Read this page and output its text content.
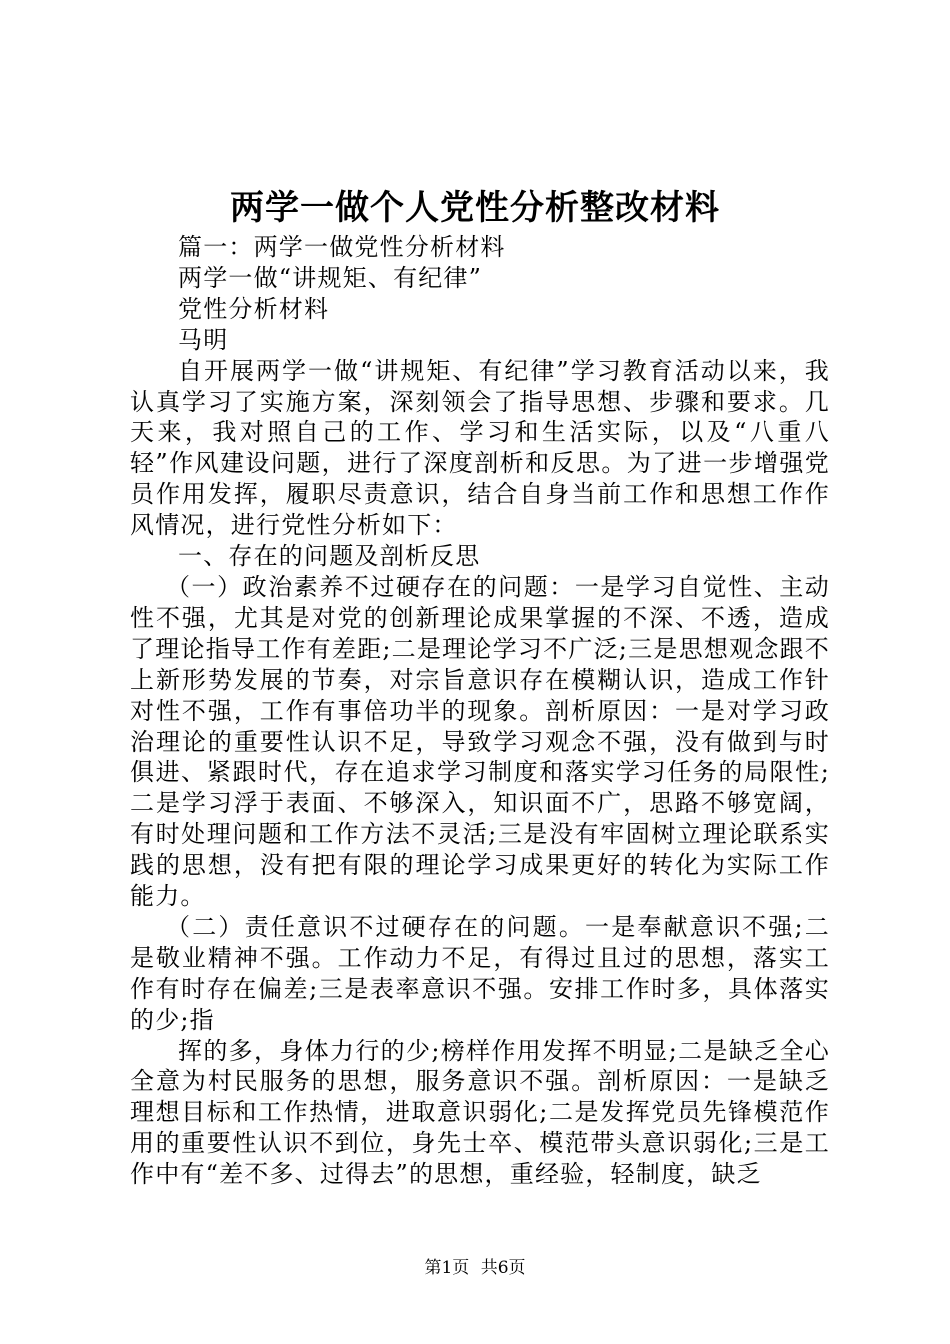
两学一做个人党性分析整改材料

篇一：两学一做党性分析材料

两学一做“讲规矩、有纪律”

党性分析材料

马明

自开展两学一做“讲规矩、有纪律”学习教育活动以来，我认真学习了实施方案，深刻领会了指导思想、步骤和要求。几天来，我对照自己的工作、学习和生活实际，以及“八重八轻”作风建设问题，进行了深度剖析和反思。为了进一步增强党员作用发挥，履职尽责意识，结合自身当前工作和思想工作作风情况，进行党性分析如下：

一、存在的问题及剖析反思

（一）政治素养不过硬存在的问题：一是学习自觉性、主动性不强，尤其是对党的创新理论成果掌握的不深、不透，造成了理论指导工作有差距;二是理论学习不广泛;三是思想观念跟不上新形势发展的节奏，对宗旨意识存在模糊认识，造成工作针对性不强，工作有事倍功半的现象。剖析原因：一是对学习政治理论的重要性认识不足，导致学习观念不强，没有做到与时俱进、紧跟时代，存在追求学习制度和落实学习任务的局限性;二是学习浮于表面、不够深入，知识面不广，思路不够宽阔，有时处理问题和工作方法不灵活;三是没有牢固树立理论联系实践的思想，没有把有限的理论学习成果更好的转化为实际工作能力。

（二）责任意识不过硬存在的问题。一是奉献意识不强;二是敬业精神不强。工作动力不足，有得过且过的思想，落实工作有时存在偏差;三是表率意识不强。安排工作时多，具体落实的少;指

挥的多，身体力行的少;榜样作用发挥不明显;二是缺乏全心全意为村民服务的思想，服务意识不强。剖析原因：一是缺乏理想目标和工作热情，进取意识弱化;二是发挥党员先锋模范作用的重要性认识不到位，身先士卒、模范带头意识弱化;三是工作中有“差不多、过得去”的思想，重经验，轻制度，缺乏

第1页 共6页
